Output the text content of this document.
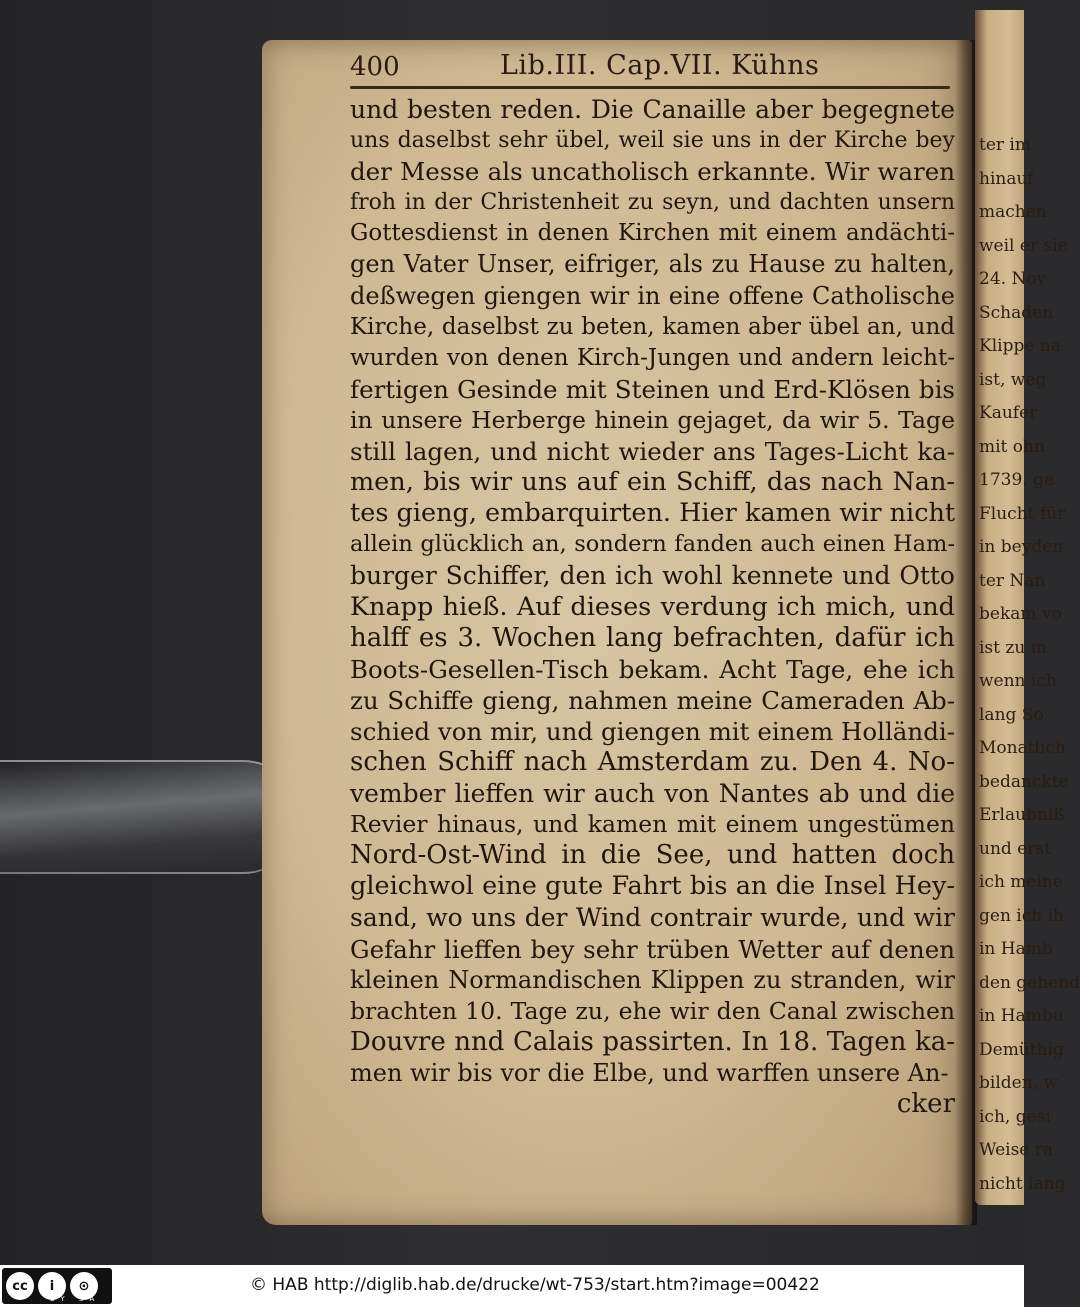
ter im
hinauf
machen
weil er sie
24. Nov
Schaden
Klippe na
ist, weg
Kaufer
mit ohn
1739. ge
Flucht für
in beyden
ter Nan
bekam vo
ist zu m
wenn ich
lang So
Monatlich
bedanckte
Erlaubniß
und erst
ich meine
gen ich ih
in Hamb
den gehend
in Hambu
Demüthig
bilden, w
ich, gesi
Weise ra
nicht lang
400	Lib.III. Cap.VII. Kühns
und besten reden. Die Canaille aber begegnete
uns daselbst sehr übel, weil sie uns in der Kirche bey
der Messe als uncatholisch erkannte. Wir waren
froh in der Christenheit zu seyn, und dachten unsern
Gottesdienst in denen Kirchen mit einem andächti-
gen Vater Unser, eifriger, als zu Hause zu halten,
deßwegen giengen wir in eine offene Catholische
Kirche, daselbst zu beten, kamen aber übel an, und
wurden von denen Kirch-Jungen und andern leicht-
fertigen Gesinde mit Steinen und Erd-Klösen bis
in unsere Herberge hinein gejaget, da wir 5. Tage
still lagen, und nicht wieder ans Tages-Licht ka-
men, bis wir uns auf ein Schiff, das nach Nan-
tes gieng, embarquirten. Hier kamen wir nicht
allein glücklich an, sondern fanden auch einen Ham-
burger Schiffer, den ich wohl kennete und Otto
Knapp hieß. Auf dieses verdung ich mich, und
halff es 3. Wochen lang befrachten, dafür ich
Boots-Gesellen-Tisch bekam. Acht Tage, ehe ich
zu Schiffe gieng, nahmen meine Cameraden Ab-
schied von mir, und giengen mit einem Holländi-
schen Schiff nach Amsterdam zu. Den 4. No-
vember lieffen wir auch von Nantes ab und die
Revier hinaus, und kamen mit einem ungestümen
Nord-Ost-Wind in die See, und hatten doch
gleichwol eine gute Fahrt bis an die Insel Hey-
sand, wo uns der Wind contrair wurde, und wir
Gefahr lieffen bey sehr trüben Wetter auf denen
kleinen Normandischen Klippen zu stranden, wir
brachten 10. Tage zu, ehe wir den Canal zwischen
Douvre nnd Calais passirten. In 18. Tagen ka-
men wir bis vor die Elbe, und warffen unsere An-
cker
cc	i	⊙
BY SA
© HAB http://diglib.hab.de/drucke/wt-753/start.htm?image=00422
